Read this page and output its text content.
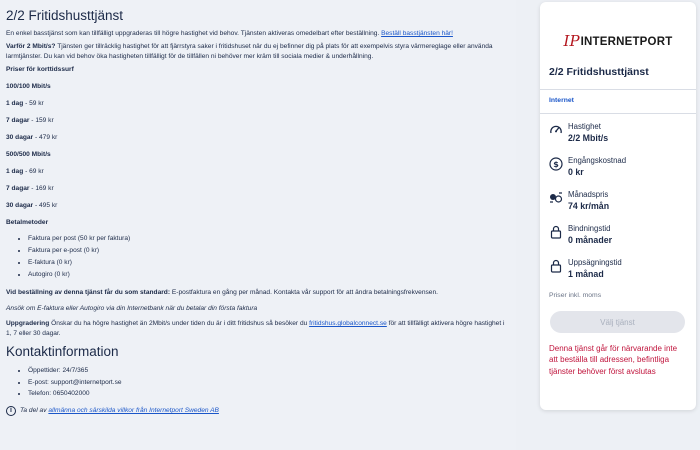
2/2 Fritidshusttjänst

En enkel basstjänst som kan tillfälligt uppgraderas till högre hastighet vid behov. Tjänsten aktiveras omedelbart efter beställning. Beställ basstjänsten här!

Varför 2 Mbit/s? Tjänsten ger tillräcklig hastighet för att fjärrstyra saker i fritidshuset när du ej befinner dig på plats för att exempelvis styra värmereglage eller använda larmtjänster. Du kan vid behov öka hastigheten tillfälligt för de tillfällen ni behöver mer kräm till sociala medier & underhållning.

Priser för korttidssurf
100/100 Mbit/s
1 dag - 59 kr
7 dagar - 159 kr
30 dagar - 479 kr
500/500 Mbit/s
1 dag - 69 kr
7 dagar - 169 kr
30 dagar - 495 kr
Betalmetoder
• Faktura per post (50 kr per faktura)
• Faktura per e-post (0 kr)
• E-faktura (0 kr)
• Autogiro (0 kr)

Vid beställning av denna tjänst får du som standard: E-postfaktura en gång per månad. Kontakta vår support för att ändra betalningsfrekvensen.

Ansök om E-faktura eller Autogiro via din Internetbank när du betalar din första faktura

Uppgradering Önskar du ha högre hastighet än 2Mbit/s under tiden du är i ditt fritidshus så besöker du fritidshus.globalconnect.se för att tillfälligt aktivera högre hastighet i 1, 7 eller 30 dagar.

Kontaktinformation
• Öppettider: 24/7/365
• E-post: support@internetport.se
• Telefon: 0650402000
i	Ta del av
allmänna och särskilda villkor från Internetport Sweden AB
IP INTERNETPORT
2/2 Fritidshusttjänst
Internet
Hastighet
2/2 Mbit/s
$ Engångskostnad
0 kr
Månadspris
74 kr/mån
Bindningstid
0 månader
Uppsägningstid
1 månad
Priser inkl. moms
Välj tjänst
Denna tjänst går för närvarande inte att beställa till adressen, befintliga tjänster behöver först avslutas
